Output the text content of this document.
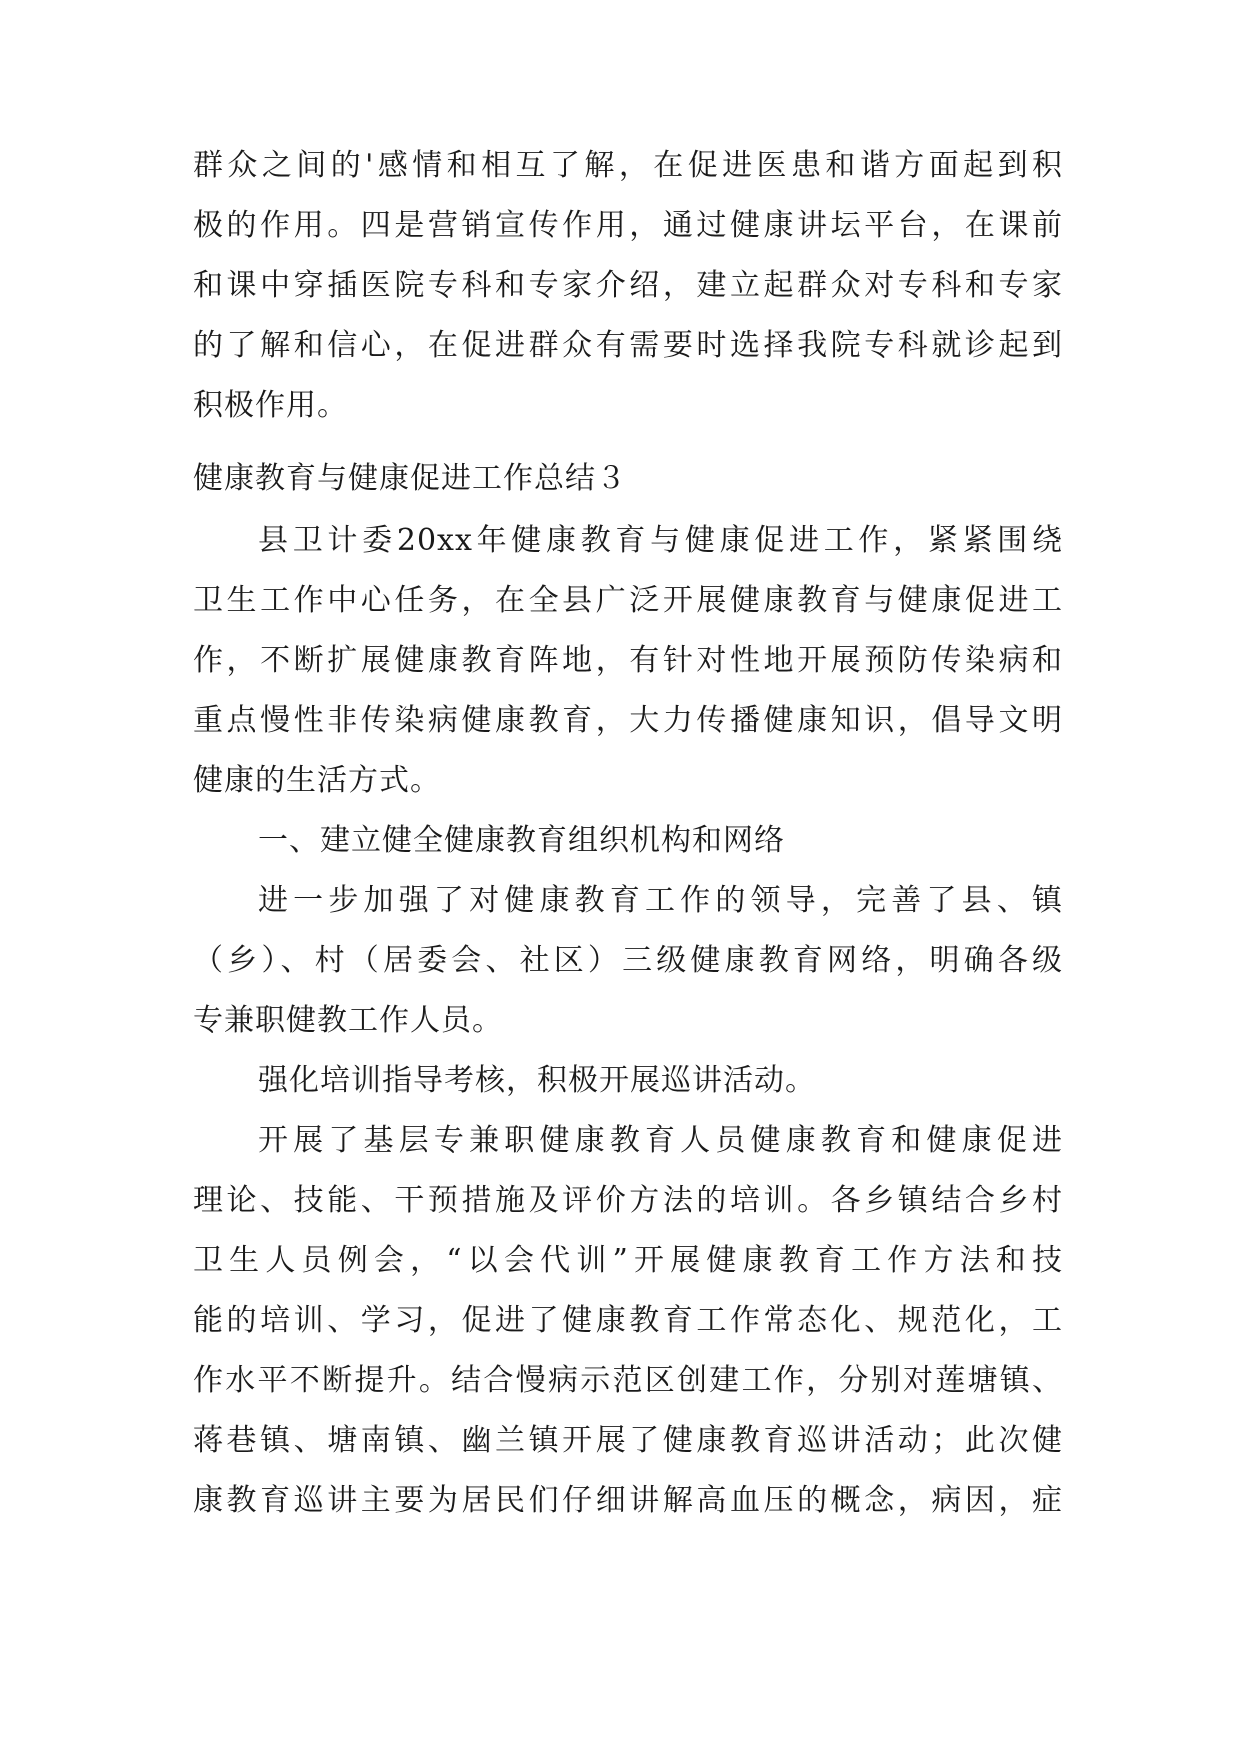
群众之间的'感情和相互了解，在促进医患和谐方面起到积
极的作用。四是营销宣传作用，通过健康讲坛平台，在课前
和课中穿插医院专科和专家介绍，建立起群众对专科和专家
的了解和信心，在促进群众有需要时选择我院专科就诊起到
积极作用。
健康教育与健康促进工作总结３
县卫计委20xx年健康教育与健康促进工作，紧紧围绕
卫生工作中心任务，在全县广泛开展健康教育与健康促进工
作，不断扩展健康教育阵地，有针对性地开展预防传染病和
重点慢性非传染病健康教育，大力传播健康知识，倡导文明
健康的生活方式。
一、建立健全健康教育组织机构和网络
进一步加强了对健康教育工作的领导，完善了县、镇
（乡）、村（居委会、社区）三级健康教育网络，明确各级
专兼职健教工作人员。
强化培训指导考核，积极开展巡讲活动。
开展了基层专兼职健康教育人员健康教育和健康促进
理论、技能、干预措施及评价方法的培训。各乡镇结合乡村
卫生人员例会，“以会代训”开展健康教育工作方法和技
能的培训、学习，促进了健康教育工作常态化、规范化，工
作水平不断提升。结合慢病示范区创建工作，分别对莲塘镇、
蒋巷镇、塘南镇、幽兰镇开展了健康教育巡讲活动；此次健
康教育巡讲主要为居民们仔细讲解高血压的概念，病因，症
